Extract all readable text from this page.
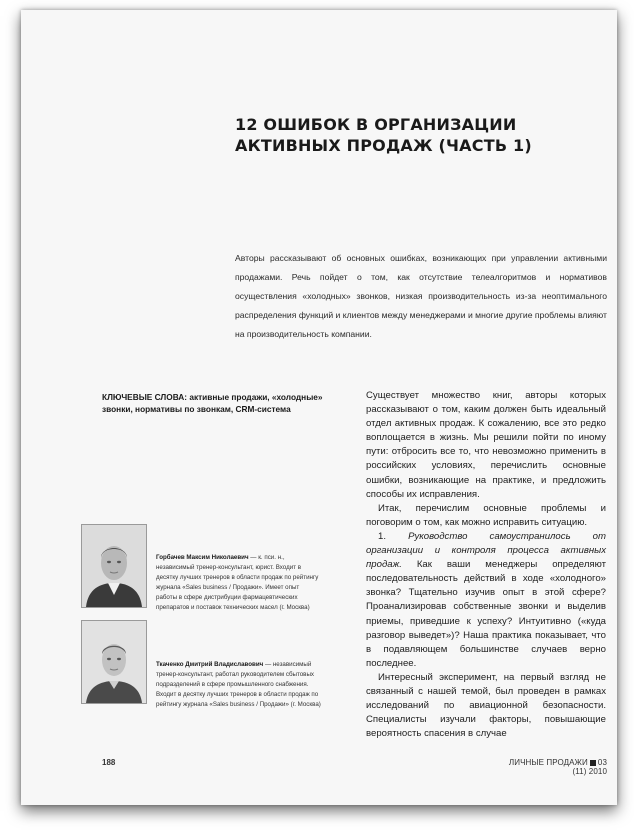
12 ОШИБОК В ОРГАНИЗАЦИИ АКТИВНЫХ ПРОДАЖ (ЧАСТЬ 1)

Авторы рассказывают об основных ошибках, возникающих при управлении активными продажами. Речь пойдет о том, как отсутствие телеалгоритмов и нормативов осуществления «холодных» звонков, низкая производительность из-за неоптимального распределения функций и клиентов между менеджерами и многие другие проблемы влияют на производительность компании.

КЛЮЧЕВЫЕ СЛОВА: активные продажи, «холодные» звонки, нормативы по звонкам, CRM-система

Существует множество книг, авторы которых рассказывают о том, каким должен быть идеальный отдел активных продаж. К сожалению, все это редко воплощается в жизнь. Мы решили пойти по иному пути: отбросить все то, что невозможно применить в российских условиях, перечислить основные ошибки, возникающие на практике, и предложить способы их исправления.

Итак, перечислим основные проблемы и поговорим о том, как можно исправить ситуацию.

1. Руководство самоустранилось от организации и контроля процесса активных продаж. Как ваши менеджеры определяют последовательность действий в ходе «холодного» звонка? Тщательно изучив опыт в этой сфере? Проанализировав собственные звонки и выделив приемы, приведшие к успеху? Интуитивно («куда разговор выведет»)? Наша практика показывает, что в подавляющем большинстве случаев верно последнее.

Интересный эксперимент, на первый взгляд не связанный с нашей темой, был проведен в рамках исследований по авиационной безопасности. Специалисты изучали факторы, повышающие вероятность спасения в случае

Горбачев Максим Николаевич — к. пси. н., независимый тренер-консультант, юрист. Входит в десятку лучших тренеров в области продаж по рейтингу журнала «Sales business / Продажи». Имеет опыт работы в сфере дистрибуции фармацевтических препаратов и поставок технических масел (г. Москва)

Ткаченко Дмитрий Владиславович — независимый тренер-консультант, работал руководителем сбытовых подразделений в сфере промышленного снабжения. Входит в десятку лучших тренеров в области продаж по рейтингу журнала «Sales business / Продажи» (г. Москва)

188	ЛИЧНЫЕ ПРОДАЖИ 03 (11) 2010
